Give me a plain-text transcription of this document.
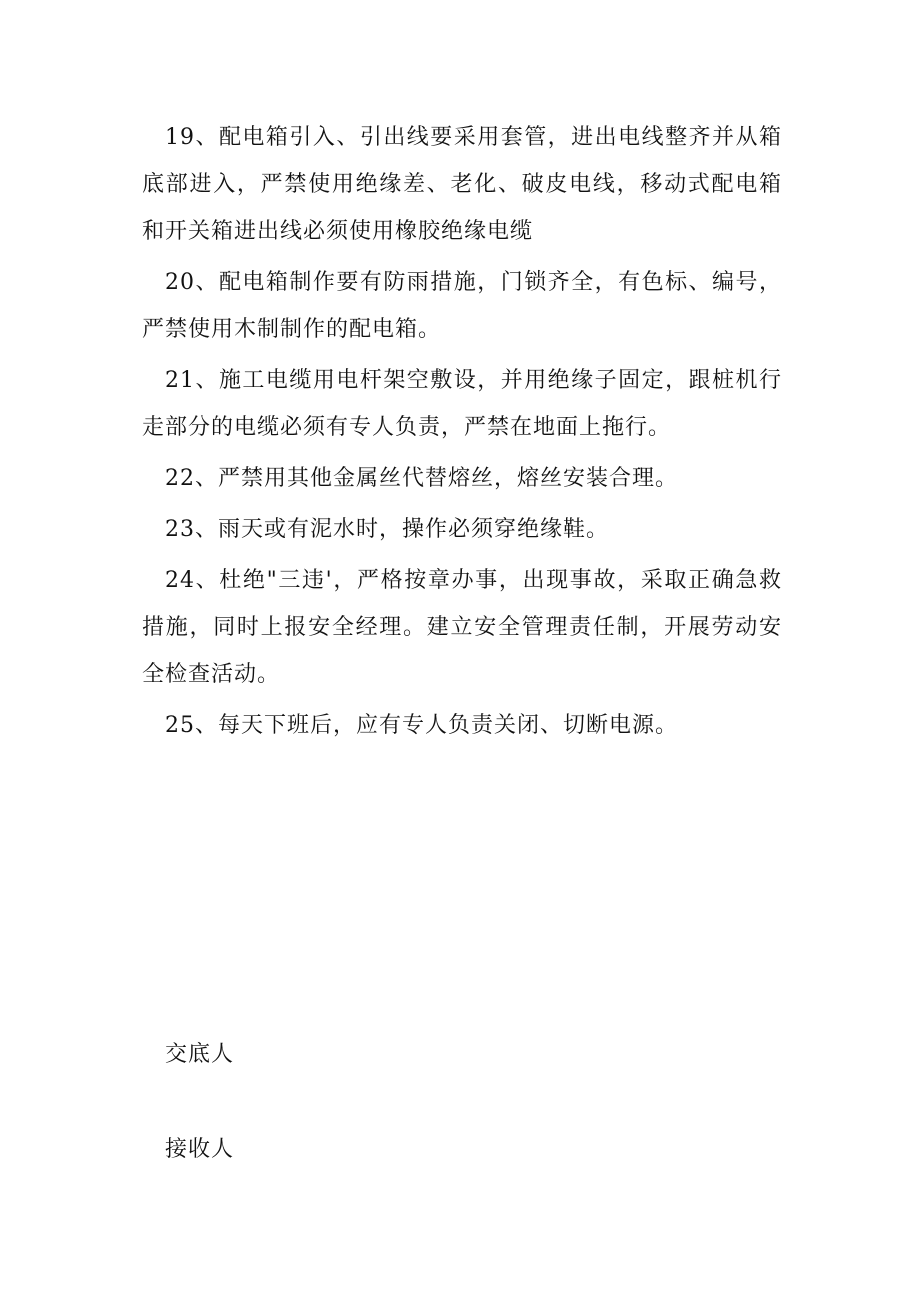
19、配电箱引入、引出线要采用套管，进出电线整齐并从箱底部进入，严禁使用绝缘差、老化、破皮电线，移动式配电箱和开关箱进出线必须使用橡胶绝缘电缆

20、配电箱制作要有防雨措施，门锁齐全，有色标、编号，严禁使用木制制作的配电箱。

21、施工电缆用电杆架空敷设，并用绝缘子固定，跟桩机行走部分的电缆必须有专人负责，严禁在地面上拖行。

22、严禁用其他金属丝代替熔丝，熔丝安装合理。

23、雨天或有泥水时，操作必须穿绝缘鞋。

24、杜绝"三违'，严格按章办事，出现事故，采取正确急救措施，同时上报安全经理。建立安全管理责任制，开展劳动安全检查活动。

25、每天下班后，应有专人负责关闭、切断电源。

交底人

接收人
